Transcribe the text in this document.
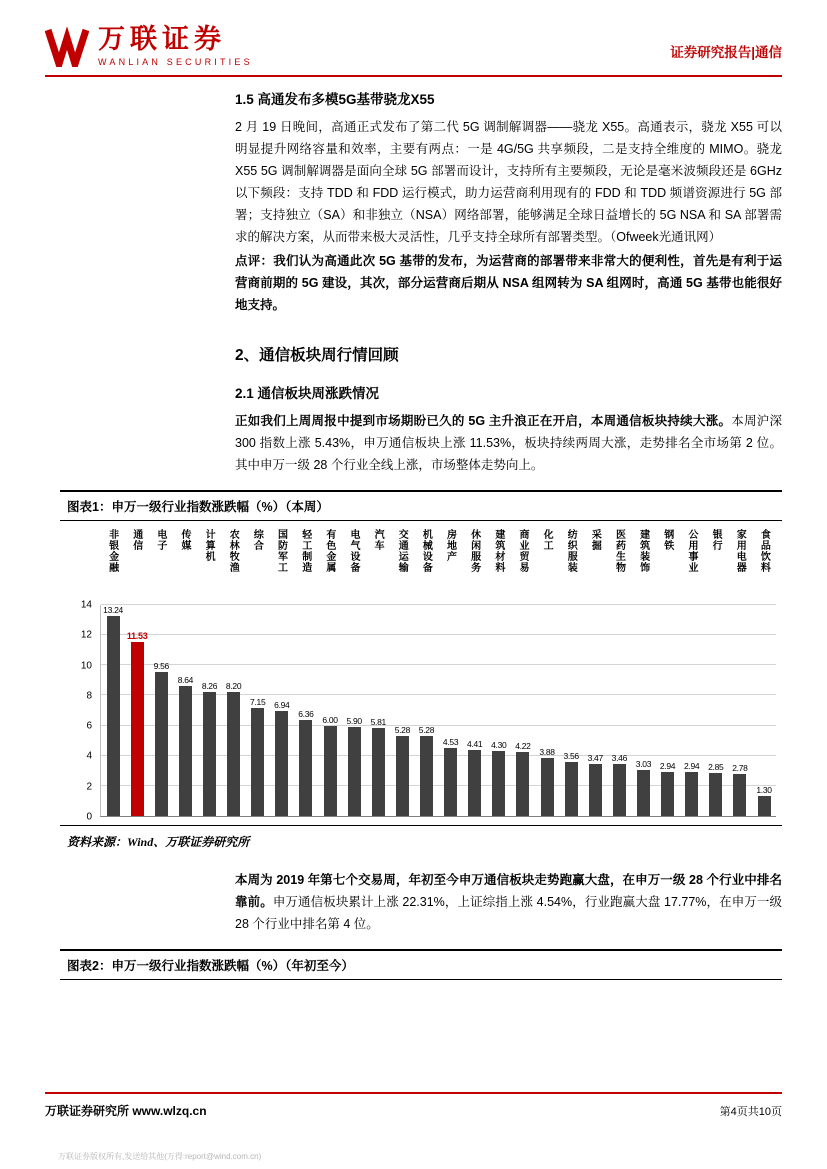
万联证券
WANLIAN SECURITIES
证券研究报告|通信
1.5 高通发布多模5G基带骁龙X55

2 月 19 日晚间，高通正式发布了第二代 5G 调制解调器——骁龙 X55。高通表示，骁龙 X55 可以明显提升网络容量和效率，主要有两点：一是 4G/5G 共享频段，二是支持全维度的 MIMO。骁龙 X55 5G 调制解调器是面向全球 5G 部署而设计，支持所有主要频段，无论是毫米波频段还是 6GHz 以下频段：支持 TDD 和 FDD 运行模式，助力运营商利用现有的 FDD 和 TDD 频谱资源进行 5G 部署；支持独立（SA）和非独立（NSA）网络部署，能够满足全球日益增长的 5G NSA 和 SA 部署需求的解决方案，从而带来极大灵活性，几乎支持全球所有部署类型。（Ofweek光通讯网）

点评：我们认为高通此次 5G 基带的发布，为运营商的部署带来非常大的便利性，首先是有利于运营商前期的 5G 建设，其次，部分运营商后期从 NSA 组网转为 SA 组网时，高通 5G 基带也能很好地支持。

2、通信板块周行情回顾
2.1 通信板块周涨跌情况

正如我们上周周报中提到市场期盼已久的 5G 主升浪正在开启，本周通信板块持续大涨。本周沪深 300 指数上涨 5.43%，申万通信板块上涨 11.53%，板块持续两周大涨，走势排名全市场第 2 位。其中申万一级 28 个行业全线上涨，市场整体走势向上。

图表1：申万一级行业指数涨跌幅（%）（本周）
非银金融	通信	电子	传媒	计算机	农林牧渔	综合	国防军工	轻工制造	有色金属	电气设备	汽车	交通运输	机械设备	房地产	休闲服务	建筑材料	商业贸易	化工	纺织服装	采掘	医药生物	建筑装饰	钢铁	公用事业	银行	家用电器	食品饮料
0
2
4
6
8
10
12
14 13.24
11.53
9.56
8.64
8.26 8.20
7.15 6.94
6.36
6.00 5.90 5.81
5.28 5.28
4.53 4.41 4.30 4.22
3.88 3.56 3.47 3.46
3.03 2.94 2.94 2.85 2.78
1.30
资料来源：Wind、万联证券研究所

本周为 2019 年第七个交易周，年初至今申万通信板块走势跑赢大盘，在申万一级 28 个行业中排名靠前。申万通信板块累计上涨 22.31%，上证综指上涨 4.54%，行业跑赢大盘 17.77%，在申万一级 28 个行业中排名第 4 位。

图表2：申万一级行业指数涨跌幅（%）（年初至今）
万联证券研究所 www.wlzq.cn	第4页共10页
万联证券版权所有,发送给其他(万得:report@wind.com.cn)
